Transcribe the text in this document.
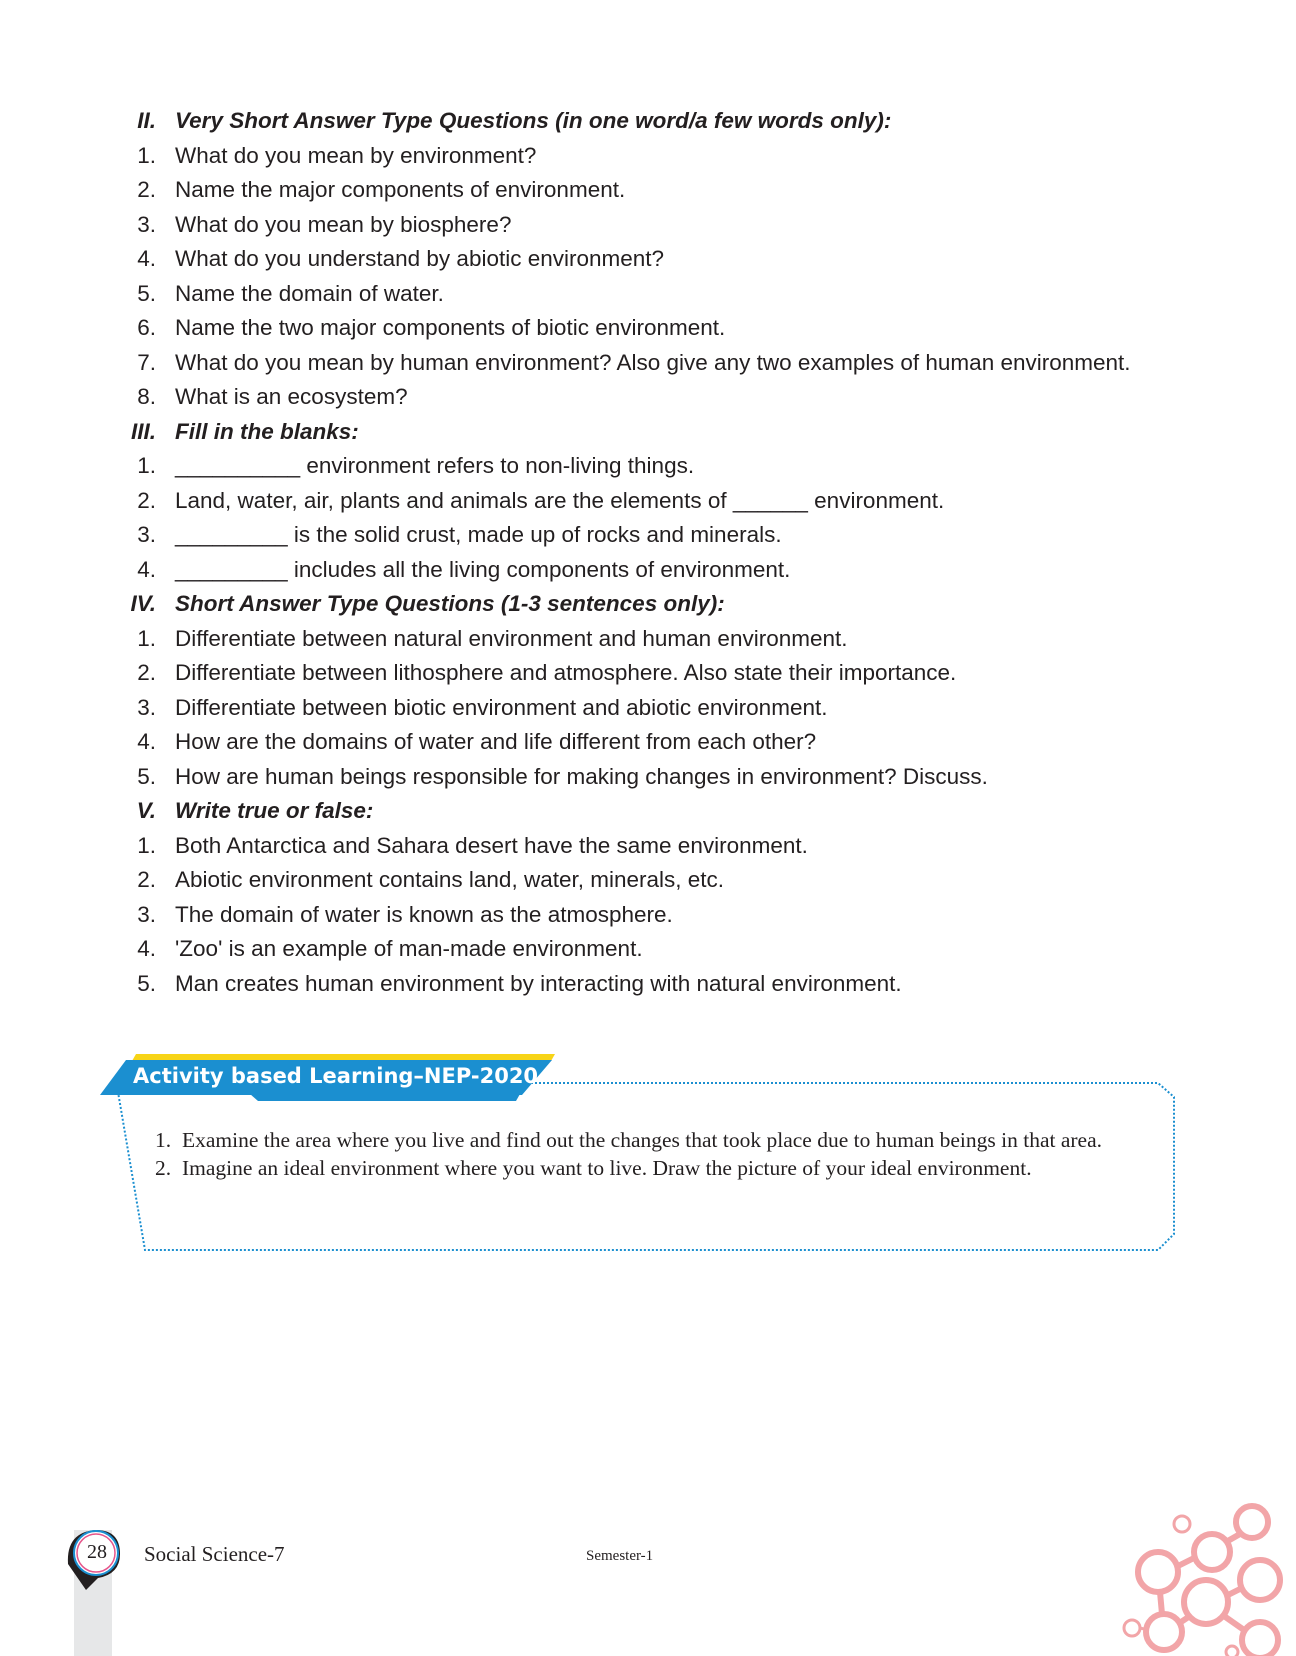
II. Very Short Answer Type Questions (in one word/a few words only):
1. What do you mean by environment?
2. Name the major components of environment.
3. What do you mean by biosphere?
4. What do you understand by abiotic environment?
5. Name the domain of water.
6. Name the two major components of biotic environment.
7. What do you mean by human environment? Also give any two examples of human environment.
8. What is an ecosystem?
III. Fill in the blanks:
1. __________ environment refers to non-living things.
2. Land, water, air, plants and animals are the elements of ______ environment.
3. _________ is the solid crust, made up of rocks and minerals.
4. _________ includes all the living components of environment.
IV. Short Answer Type Questions (1-3 sentences only):
1. Differentiate between natural environment and human environment.
2. Differentiate between lithosphere and atmosphere. Also state their importance.
3. Differentiate between biotic environment and abiotic environment.
4. How are the domains of water and life different from each other?
5. How are human beings responsible for making changes in environment? Discuss.
V. Write true or false:
1. Both Antarctica and Sahara desert have the same environment.
2. Abiotic environment contains land, water, minerals, etc.
3. The domain of water is known as the atmosphere.
4. 'Zoo' is an example of man-made environment.
5. Man creates human environment by interacting with natural environment.
Activity based Learning–NEP-2020
1. Examine the area where you live and find out the changes that took place due to human beings in that area.
2. Imagine an ideal environment where you want to live. Draw the picture of your ideal environment.
28	Social Science-7	Semester-1
